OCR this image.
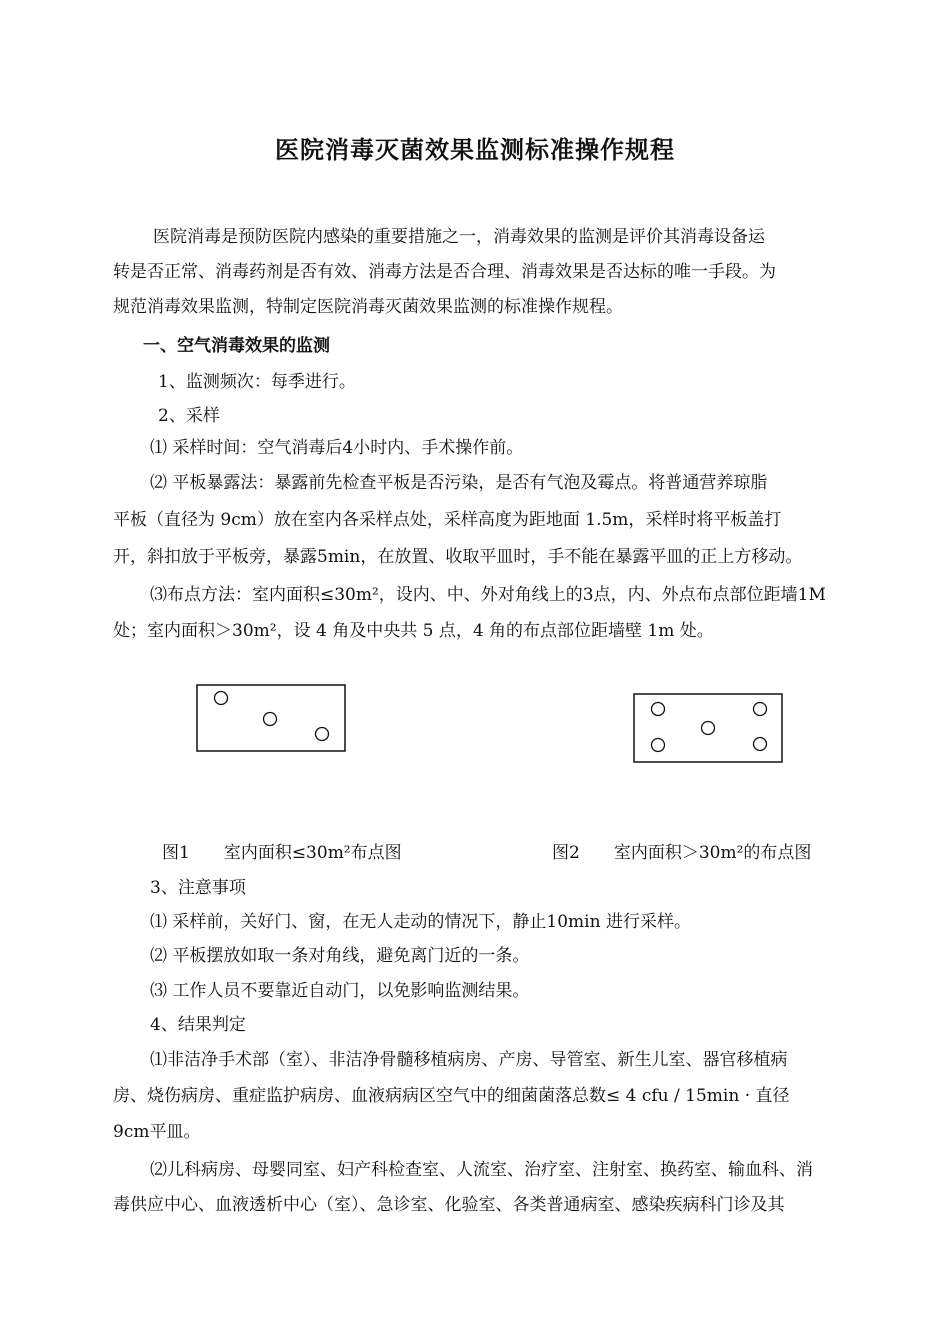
医院消毒灭菌效果监测标准操作规程
医院消毒是预防医院内感染的重要措施之一，消毒效果的监测是评价其消毒设备运
转是否正常、消毒药剂是否有效、消毒方法是否合理、消毒效果是否达标的唯一手段。为
规范消毒效果监测，特制定医院消毒灭菌效果监测的标准操作规程。
一、空气消毒效果的监测
1、监测频次：每季进行。
2、采样
⑴ 采样时间：空气消毒后4小时内、手术操作前。
⑵ 平板暴露法：暴露前先检查平板是否污染，是否有气泡及霉点。将普通营养琼脂
平板（直径为 9cm）放在室内各采样点处，采样高度为距地面 1.5m，采样时将平板盖打
开，斜扣放于平板旁，暴露5min，在放置、收取平皿时，手不能在暴露平皿的正上方移动。
⑶布点方法：室内面积≤30m²，设内、中、外对角线上的3点，内、外点布点部位距墙1M
处；室内面积＞30m²，设 4 角及中央共 5 点，4 角的布点部位距墙壁 1m 处。
图1　　室内面积≤30m²布点图	图2　　室内面积＞30m²的布点图
3、注意事项
⑴ 采样前，关好门、窗，在无人走动的情况下，静止10min 进行采样。
⑵ 平板摆放如取一条对角线，避免离门近的一条。
⑶ 工作人员不要靠近自动门，以免影响监测结果。
4、结果判定
⑴非洁净手术部（室）、非洁净骨髓移植病房、产房、导管室、新生儿室、器官移植病
房、烧伤病房、重症监护病房、血液病病区空气中的细菌菌落总数≤ 4 cfu / 15min · 直径
9cm平皿。
⑵儿科病房、母婴同室、妇产科检查室、人流室、治疗室、注射室、换药室、输血科、消
毒供应中心、血液透析中心（室）、急诊室、化验室、各类普通病室、感染疾病科门诊及其
